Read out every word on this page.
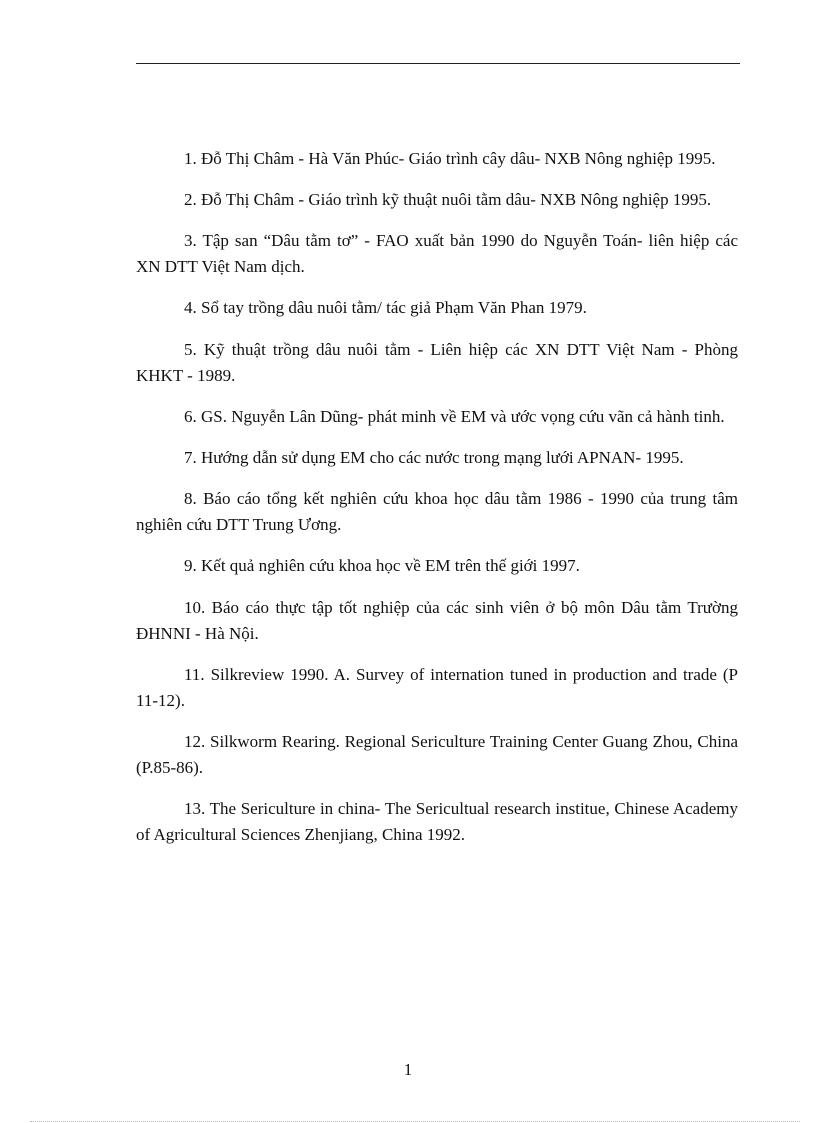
1. Đỗ Thị Châm - Hà Văn Phúc- Giáo trình cây dâu- NXB Nông nghiệp 1995.

2. Đỗ Thị Châm - Giáo trình kỹ thuật nuôi tằm dâu- NXB Nông nghiệp 1995.

3. Tập san “Dâu tằm tơ” - FAO xuất bản 1990 do Nguyễn Toán- liên hiệp các XN DTT Việt Nam dịch.

4. Sổ tay trồng dâu nuôi tằm/ tác giả Phạm Văn Phan 1979.

5. Kỹ thuật trồng dâu nuôi tằm - Liên hiệp các XN DTT Việt Nam - Phòng KHKT - 1989.

6. GS. Nguyễn Lân Dũng- phát minh về EM và ước vọng cứu vãn cả hành tinh.

7. Hướng dẫn sử dụng EM cho các nước trong mạng lưới APNAN- 1995.

8. Báo cáo tổng kết nghiên cứu khoa học dâu tằm 1986 - 1990 của trung tâm nghiên cứu DTT Trung Ương.

9. Kết quả nghiên cứu khoa học về EM trên thế giới 1997.

10. Báo cáo thực tập tốt nghiệp của các sinh viên ở bộ môn Dâu tằm Trường ĐHNNI - Hà Nội.

11. Silkreview 1990. A. Survey of internation tuned in production and trade (P 11-12).

12. Silkworm Rearing. Regional Sericulture Training Center Guang Zhou, China (P.85-86).

13. The Sericulture in china- The Sericultual research institue, Chinese Academy of Agricultural Sciences Zhenjiang, China 1992.

1
